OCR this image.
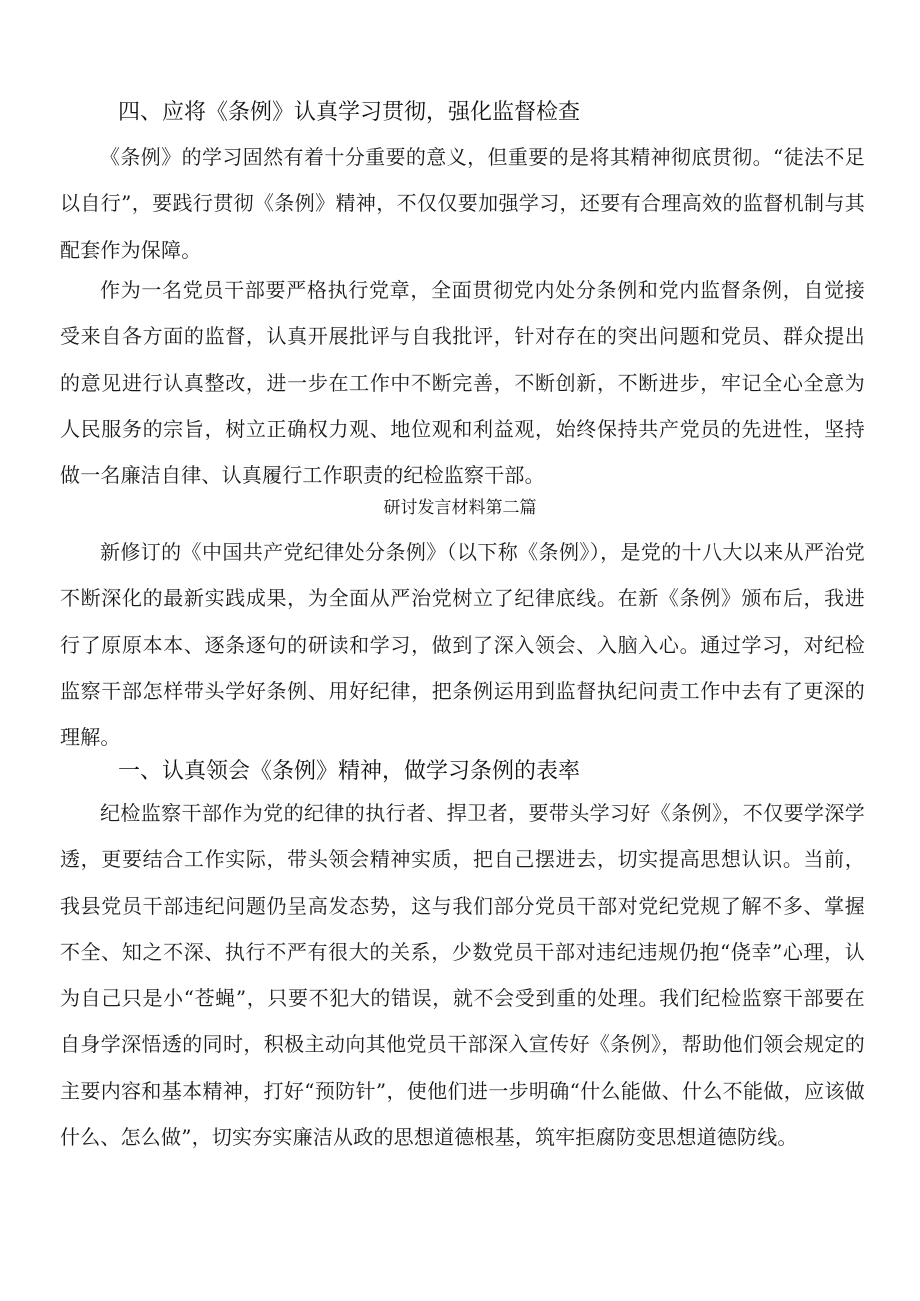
四、应将《条例》认真学习贯彻，强化监督检查

《条例》的学习固然有着十分重要的意义，但重要的是将其精神彻底贯彻。“徒法不足以自行”，要践行贯彻《条例》精神，不仅仅要加强学习，还要有合理高效的监督机制与其配套作为保障。

作为一名党员干部要严格执行党章，全面贯彻党内处分条例和党内监督条例，自觉接受来自各方面的监督，认真开展批评与自我批评，针对存在的突出问题和党员、群众提出的意见进行认真整改，进一步在工作中不断完善，不断创新，不断进步，牢记全心全意为人民服务的宗旨，树立正确权力观、地位观和利益观，始终保持共产党员的先进性，坚持做一名廉洁自律、认真履行工作职责的纪检监察干部。

研讨发言材料第二篇

新修订的《中国共产党纪律处分条例》（以下称《条例》），是党的十八大以来从严治党不断深化的最新实践成果，为全面从严治党树立了纪律底线。在新《条例》颁布后，我进行了原原本本、逐条逐句的研读和学习，做到了深入领会、入脑入心。通过学习，对纪检监察干部怎样带头学好条例、用好纪律，把条例运用到监督执纪问责工作中去有了更深的理解。

一、认真领会《条例》精神，做学习条例的表率

纪检监察干部作为党的纪律的执行者、捍卫者，要带头学习好《条例》，不仅要学深学透，更要结合工作实际，带头领会精神实质，把自己摆进去，切实提高思想认识。当前，我县党员干部违纪问题仍呈高发态势，这与我们部分党员干部对党纪党规了解不多、掌握不全、知之不深、执行不严有很大的关系，少数党员干部对违纪违规仍抱“侥幸”心理，认为自己只是小“苍蝇”，只要不犯大的错误，就不会受到重的处理。我们纪检监察干部要在自身学深悟透的同时，积极主动向其他党员干部深入宣传好《条例》，帮助他们领会规定的主要内容和基本精神，打好“预防针”，使他们进一步明确“什么能做、什么不能做，应该做什么、怎么做”，切实夯实廉洁从政的思想道德根基，筑牢拒腐防变思想道德防线。
